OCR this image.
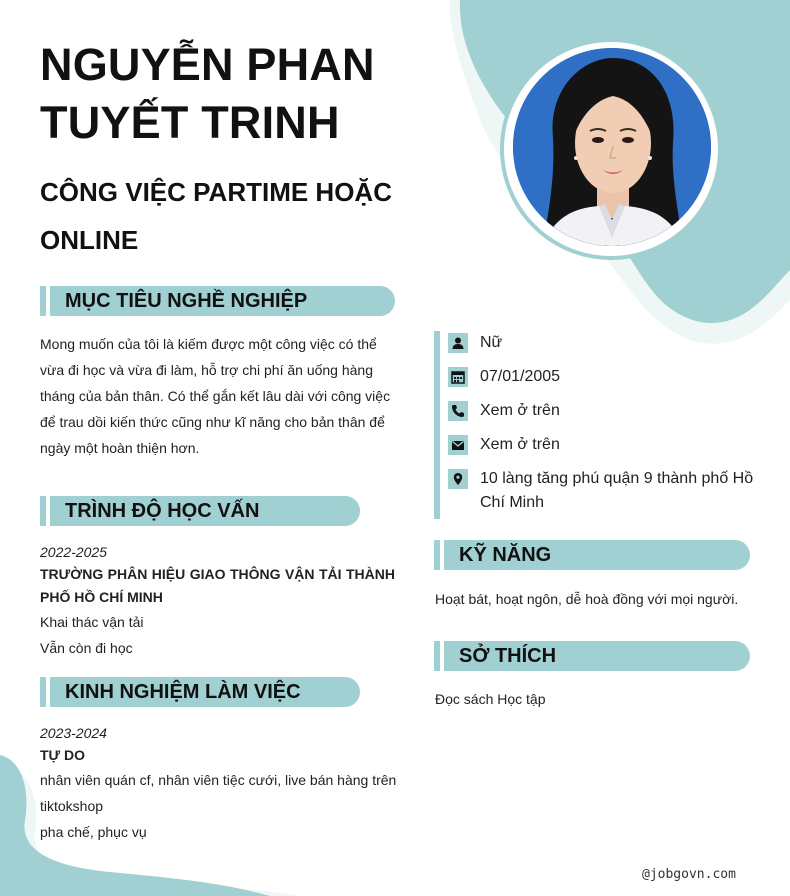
NGUYỄN PHAN TUYẾT TRINH
CÔNG VIỆC PARTIME HOẶC ONLINE
MỤC TIÊU NGHỀ NGHIỆP
Mong muốn của tôi là kiếm được một công việc có thể vừa đi học và vừa đi làm, hỗ trợ chi phí ăn uống hàng tháng của bản thân. Có thể gắn kết lâu dài với công việc để trau dồi kiến thức cũng như kĩ năng cho bản thân để ngày một hoàn thiện hơn.
TRÌNH ĐỘ HỌC VẤN
2022-2025
TRƯỜNG PHÂN HIỆU GIAO THÔNG VẬN TẢI THÀNH PHỐ HỒ CHÍ MINH
Khai thác vận tải
Vẫn còn đi học
KINH NGHIỆM LÀM VIỆC
2023-2024
TỰ DO
nhân viên quán cf, nhân viên tiệc cưới, live bán hàng trên tiktokshop
pha chế, phục vụ
Nữ
07/01/2005
Xem ở trên
Xem ở trên
10 làng tăng phú quận 9 thành phố Hồ Chí Minh
KỸ NĂNG
Hoạt bát, hoạt ngôn, dễ hoà đồng với mọi người.
SỞ THÍCH
Đọc sách Học tập
@jobgovn.com
